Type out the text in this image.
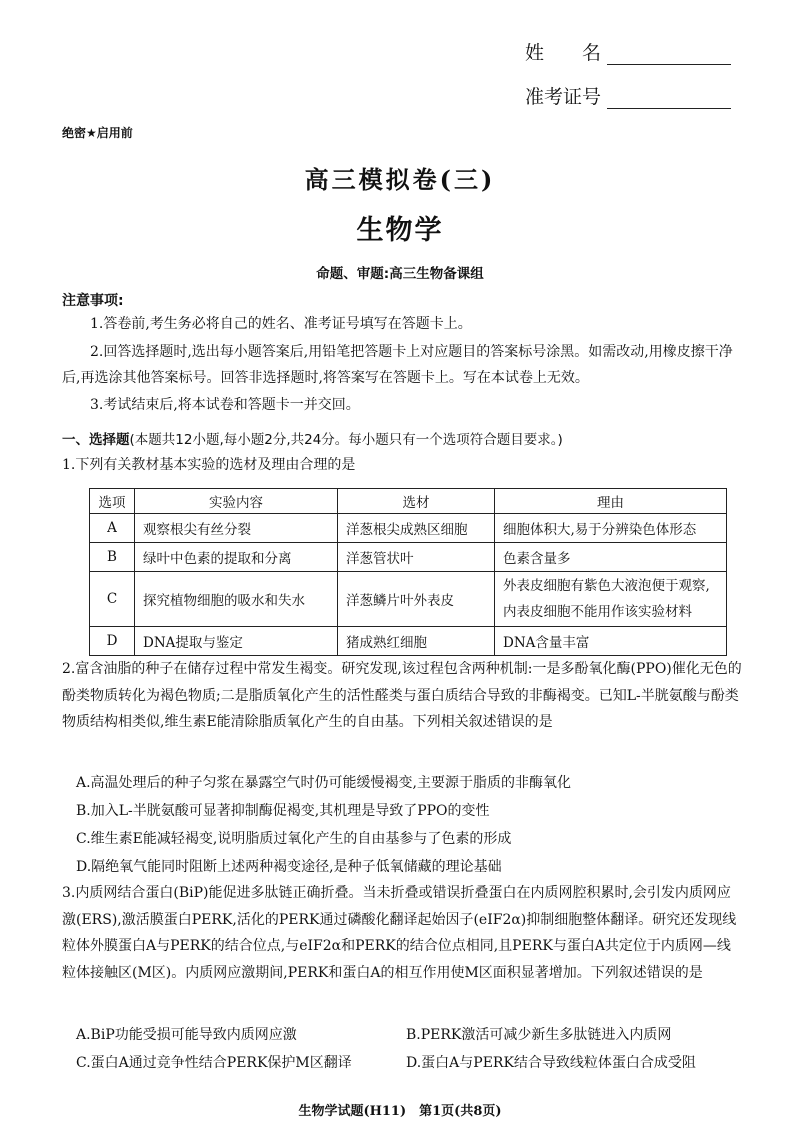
姓　　名
准考证号
绝密★启用前
高三模拟卷(三)
生物学
命题、审题:高三生物备课组
注意事项:
1.答卷前,考生务必将自己的姓名、准考证号填写在答题卡上。
2.回答选择题时,选出每小题答案后,用铅笔把答题卡上对应题目的答案标号涂黑。如需改动,用橡皮擦干净后,再选涂其他答案标号。回答非选择题时,将答案写在答题卡上。写在本试卷上无效。
3.考试结束后,将本试卷和答题卡一并交回。
一、选择题(本题共12小题,每小题2分,共24分。每小题只有一个选项符合题目要求。)
1.下列有关教材基本实验的选材及理由合理的是
选项	实验内容	选材	理由
A	观察根尖有丝分裂	洋葱根尖成熟区细胞	细胞体积大,易于分辨染色体形态
B	绿叶中色素的提取和分离	洋葱管状叶	色素含量多
C	探究植物细胞的吸水和失水	洋葱鳞片叶外表皮	外表皮细胞有紫色大液泡便于观察,内表皮细胞不能用作该实验材料
D	DNA提取与鉴定	猪成熟红细胞	DNA含量丰富
2.富含油脂的种子在储存过程中常发生褐变。研究发现,该过程包含两种机制:一是多酚氧化酶(PPO)催化无色的酚类物质转化为褐色物质;二是脂质氧化产生的活性醛类与蛋白质结合导致的非酶褐变。已知L-半胱氨酸与酚类物质结构相类似,维生素E能清除脂质氧化产生的自由基。下列相关叙述错误的是
A.高温处理后的种子匀浆在暴露空气时仍可能缓慢褐变,主要源于脂质的非酶氧化
B.加入L-半胱氨酸可显著抑制酶促褐变,其机理是导致了PPO的变性
C.维生素E能减轻褐变,说明脂质过氧化产生的自由基参与了色素的形成
D.隔绝氧气能同时阻断上述两种褐变途径,是种子低氧储藏的理论基础
3.内质网结合蛋白(BiP)能促进多肽链正确折叠。当未折叠或错误折叠蛋白在内质网腔积累时,会引发内质网应激(ERS),激活膜蛋白PERK,活化的PERK通过磷酸化翻译起始因子(eIF2α)抑制细胞整体翻译。研究还发现线粒体外膜蛋白A与PERK的结合位点,与eIF2α和PERK的结合位点相同,且PERK与蛋白A共定位于内质网—线粒体接触区(M区)。内质网应激期间,PERK和蛋白A的相互作用使M区面积显著增加。下列叙述错误的是
A.BiP功能受损可能导致内质网应激	B.PERK激活可减少新生多肽链进入内质网
C.蛋白A通过竞争性结合PERK保护M区翻译	D.蛋白A与PERK结合导致线粒体蛋白合成受阻
生物学试题(H11)　第1页(共8页)
